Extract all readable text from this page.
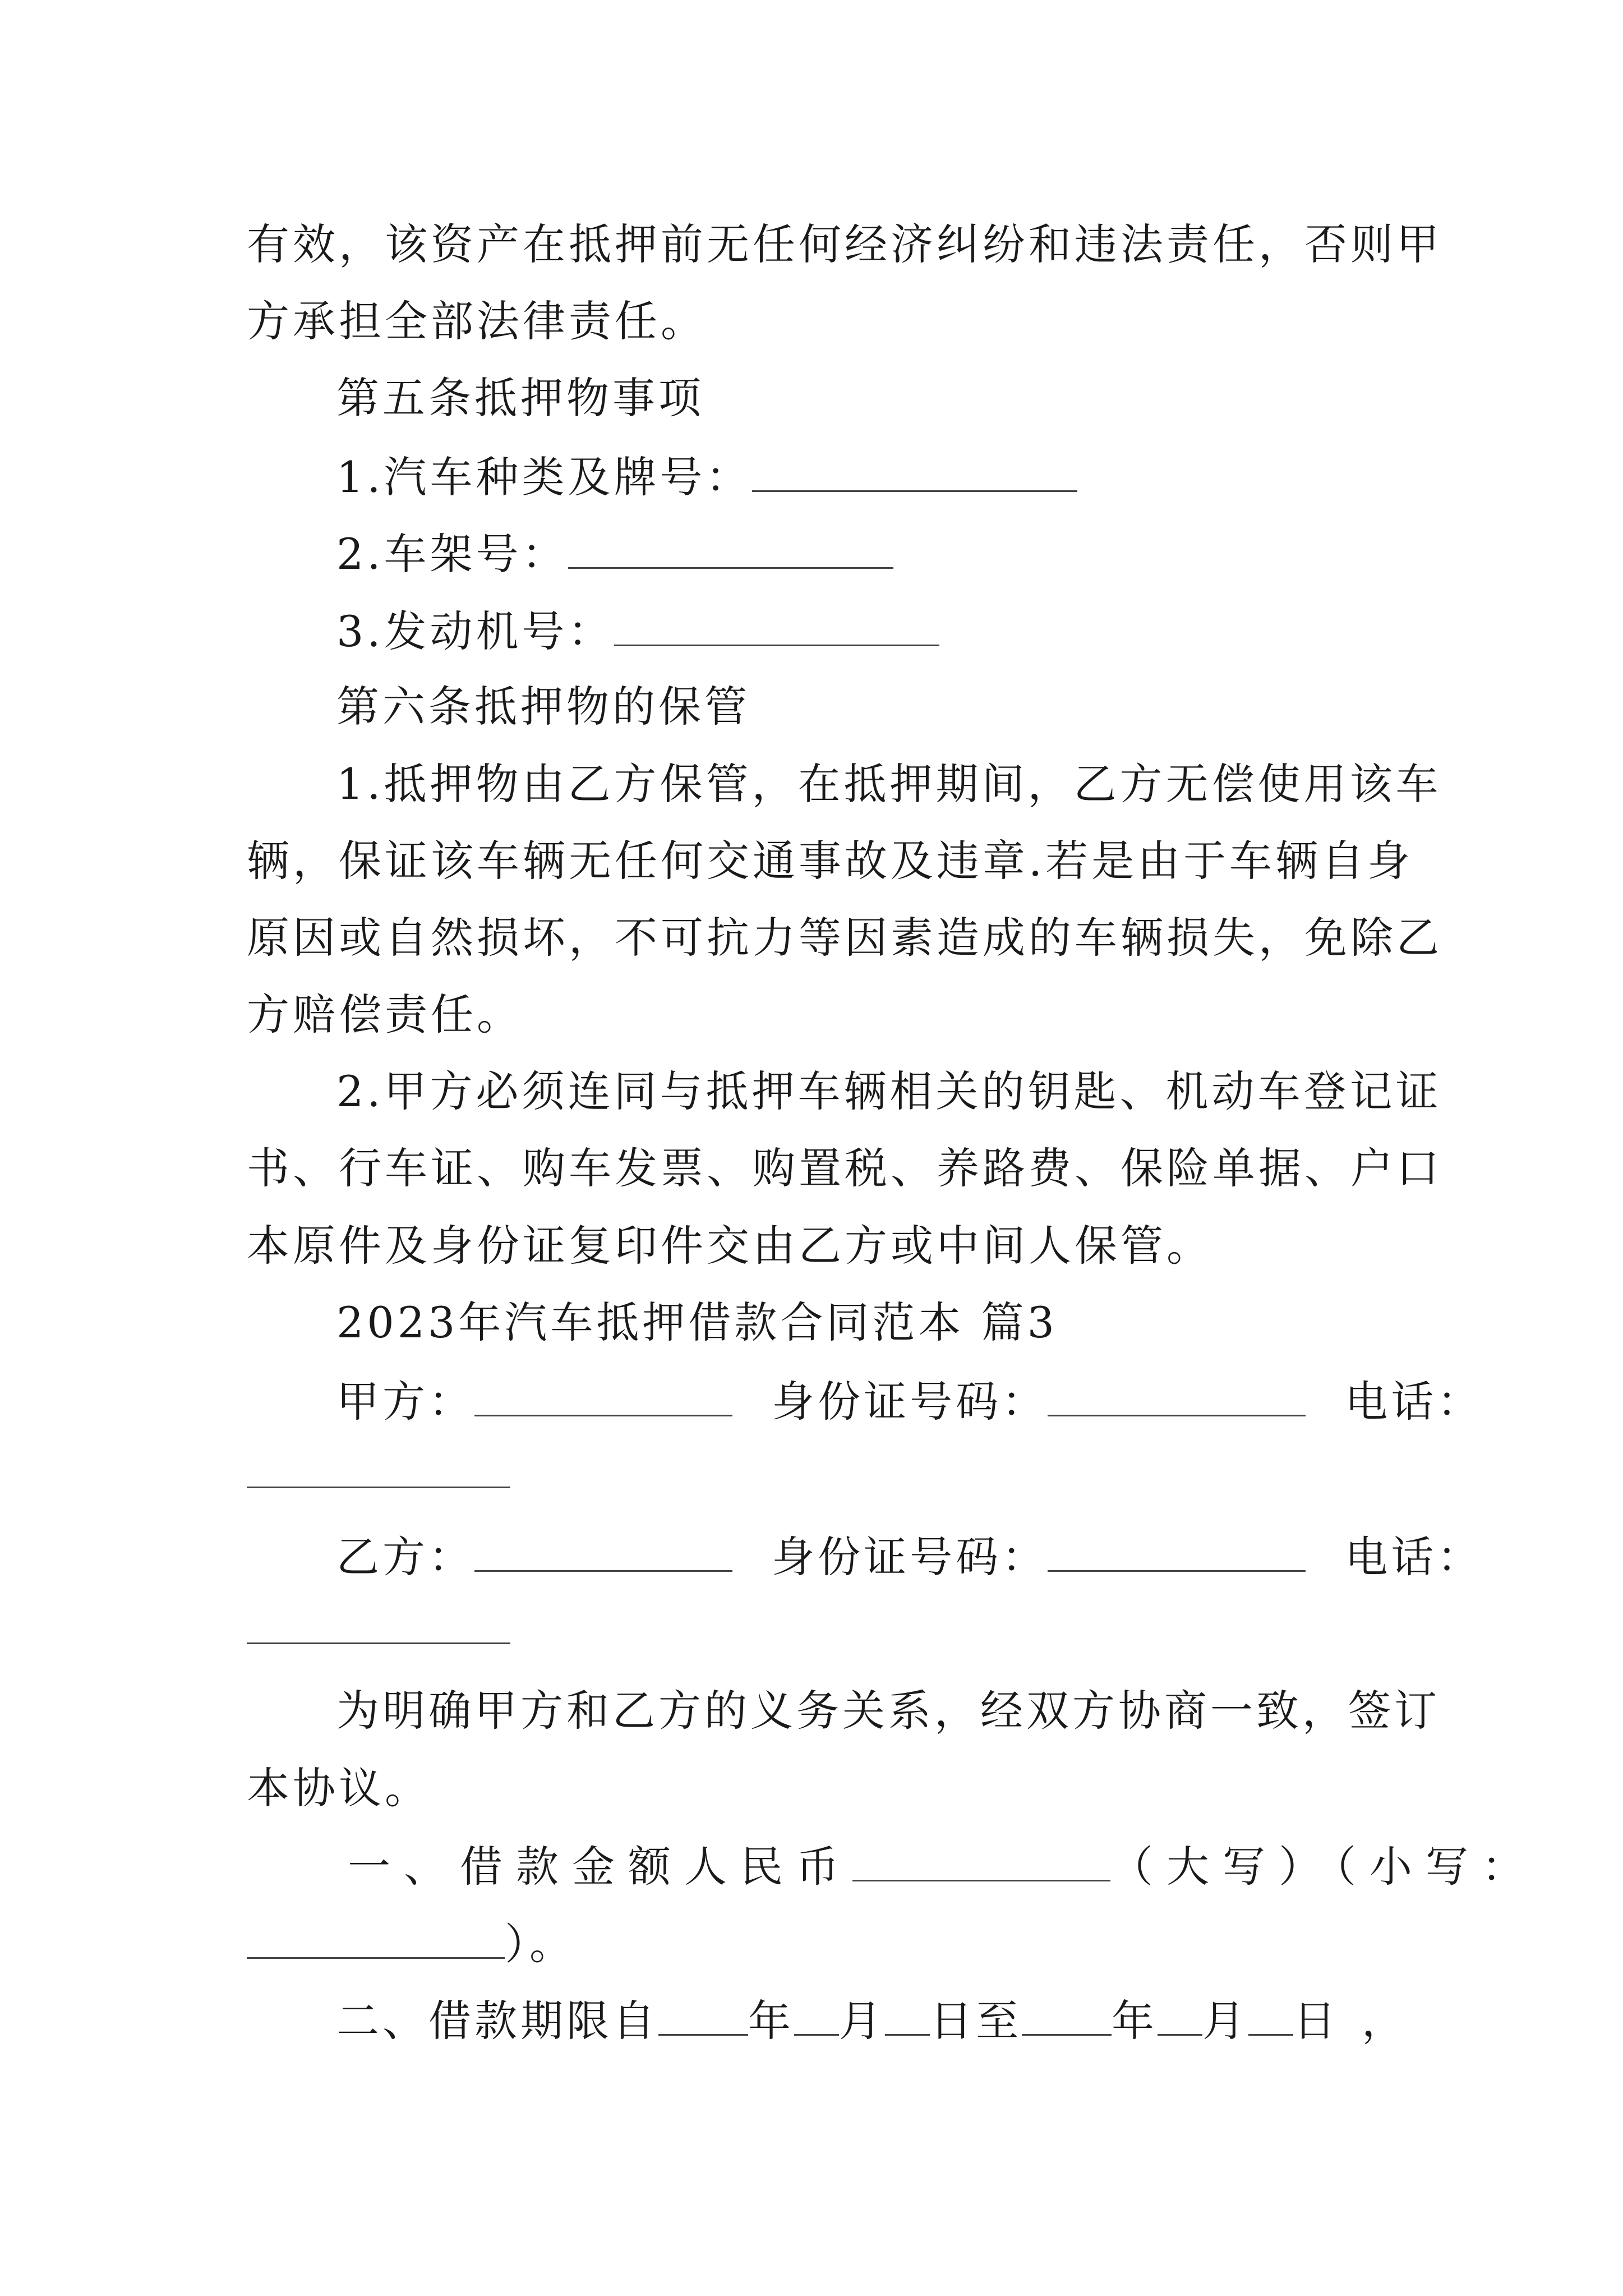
有效，该资产在抵押前无任何经济纠纷和违法责任，否则甲
方承担全部法律责任。
第五条抵押物事项
1.汽车种类及牌号：
2.车架号：
3.发动机号：
第六条抵押物的保管
1.抵押物由乙方保管，在抵押期间，乙方无偿使用该车
辆，保证该车辆无任何交通事故及违章.若是由于车辆自身
原因或自然损坏，不可抗力等因素造成的车辆损失，免除乙
方赔偿责任。
2.甲方必须连同与抵押车辆相关的钥匙、机动车登记证
书、行车证、购车发票、购置税、养路费、保险单据、户口
本原件及身份证复印件交由乙方或中间人保管。
2023年汽车抵押借款合同范本 篇3
甲方：	身份证号码：	电话：
乙方：	身份证号码：	电话：
为明确甲方和乙方的义务关系，经双方协商一致，签订
本协议。
一、借款金额人民币	（大写）（小写：
）。
二、借款期限自 年 月 日至 年 月 日 ，
